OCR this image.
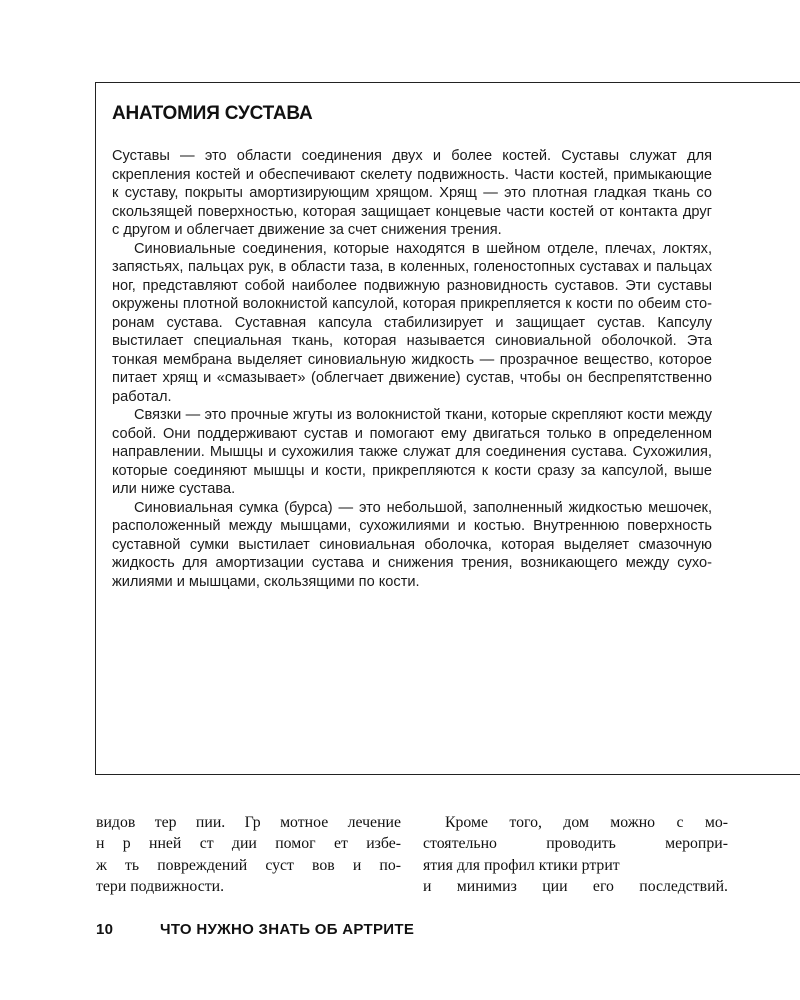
АНАТОМИЯ СУСТАВА

Суставы — это области соединения двух и более костей. Суставы служат для скрепления костей и обеспечивают скелету подвижность. Части костей, примыкающие к суставу, покрыты амортизирующим хрящом. Хрящ — это плотная гладкая ткань со скользящей поверхностью, которая защищает концевые части костей от контакта друг с другом и облегчает движение за счет снижения трения.

Синовиальные соединения, которые находятся в шейном отделе, плечах, локтях, запястьях, пальцах рук, в области таза, в коленных, голеностопных суставах и пальцах ног, представляют собой наиболее подвижную разновидность суставов. Эти суставы окружены плотной волокнистой капсулой, которая прикрепляется к кости по обеим сторонам сустава. Суставная капсула стабилизирует и защищает сустав. Капсулу выстилает специальная ткань, которая называется синовиальной оболочкой. Эта тонкая мембрана выделяет синовиальную жидкость — прозрачное вещество, которое питает хрящ и «смазывает» (облегчает движение) сустав, чтобы он беспрепятственно работал.

Связки — это прочные жгуты из волокнистой ткани, которые скрепляют кости между собой. Они поддерживают сустав и помогают ему двигаться только в определенном направлении. Мышцы и сухожилия также служат для соединения сустава. Сухожилия, которые соединяют мышцы и кости, прикрепляются к кости сразу за капсулой, выше или ниже сустава.

Синовиальная сумка (бурса) — это небольшой, заполненный жидкостью мешочек, расположенный между мышцами, сухожилиями и костью. Внутреннюю поверхность суставной сумки выстилает синовиальная оболочка, которая выделяет смазочную жидкость для амортизации сустава и снижения трения, возникающего между сухожилиями и мышцами, скользящими по кости.

видов тер пии. Гр мотное лечение
н р нней ст дии помог ет избе-
ж ть повреждений суст вов и по-
тери подвижности.
Кроме того, дом можно с мо-
стоятельно проводить меропри-
ятия для профил ктики ртрит
и минимиз ции его последствий.
10	ЧТО НУЖНО ЗНАТЬ ОБ АРТРИТЕ
